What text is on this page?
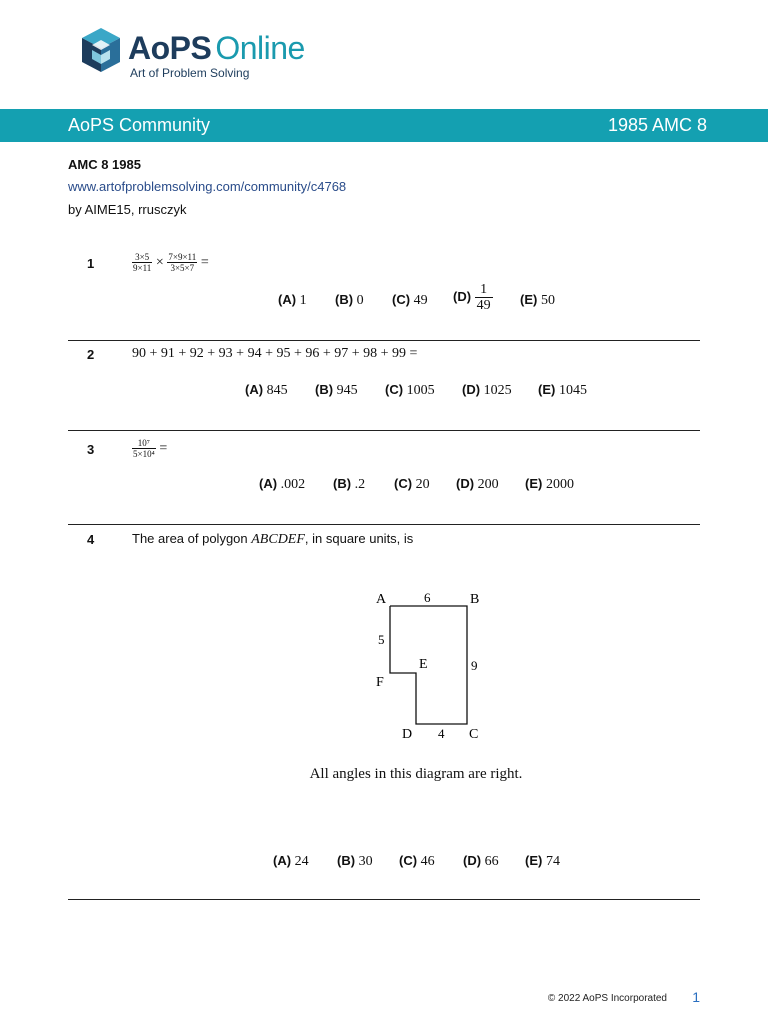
AoPS Online
Art of Problem Solving
AoPS Community	1985 AMC 8
AMC 8 1985
www.artofproblemsolving.com/community/c4768
by AIME15, rrusczyk
1	$\frac{3\times 5}{9\times 11} \times \frac{7\times 9\times 11}{3\times 5\times 7}$ =
(A) 1 (B) 0 (C) 49 $(D) \frac{1}{49} (E)$ 50
2	90 + 91 + 92 + 93 + 94 + 95 + 96 + 97 + 98 + 99 =
(A) 845 (B) 945 (C) 1005 (D) 1025 (E) 1045
3	$\frac{\text{10⁷}}{\text{5×10⁴}}$ =
(A) .002 (B) .2 (C) 20 (D) 200 (E) 2000
4	The area of polygon ABCDEF, in square units, is
A	6	B
5
E	9
F
D 4 C
All angles in this diagram are right.
(A) 24 (B) 30 (C) 46 (D) 66 (E) 74
© 2022 AoPS Incorporated 1
